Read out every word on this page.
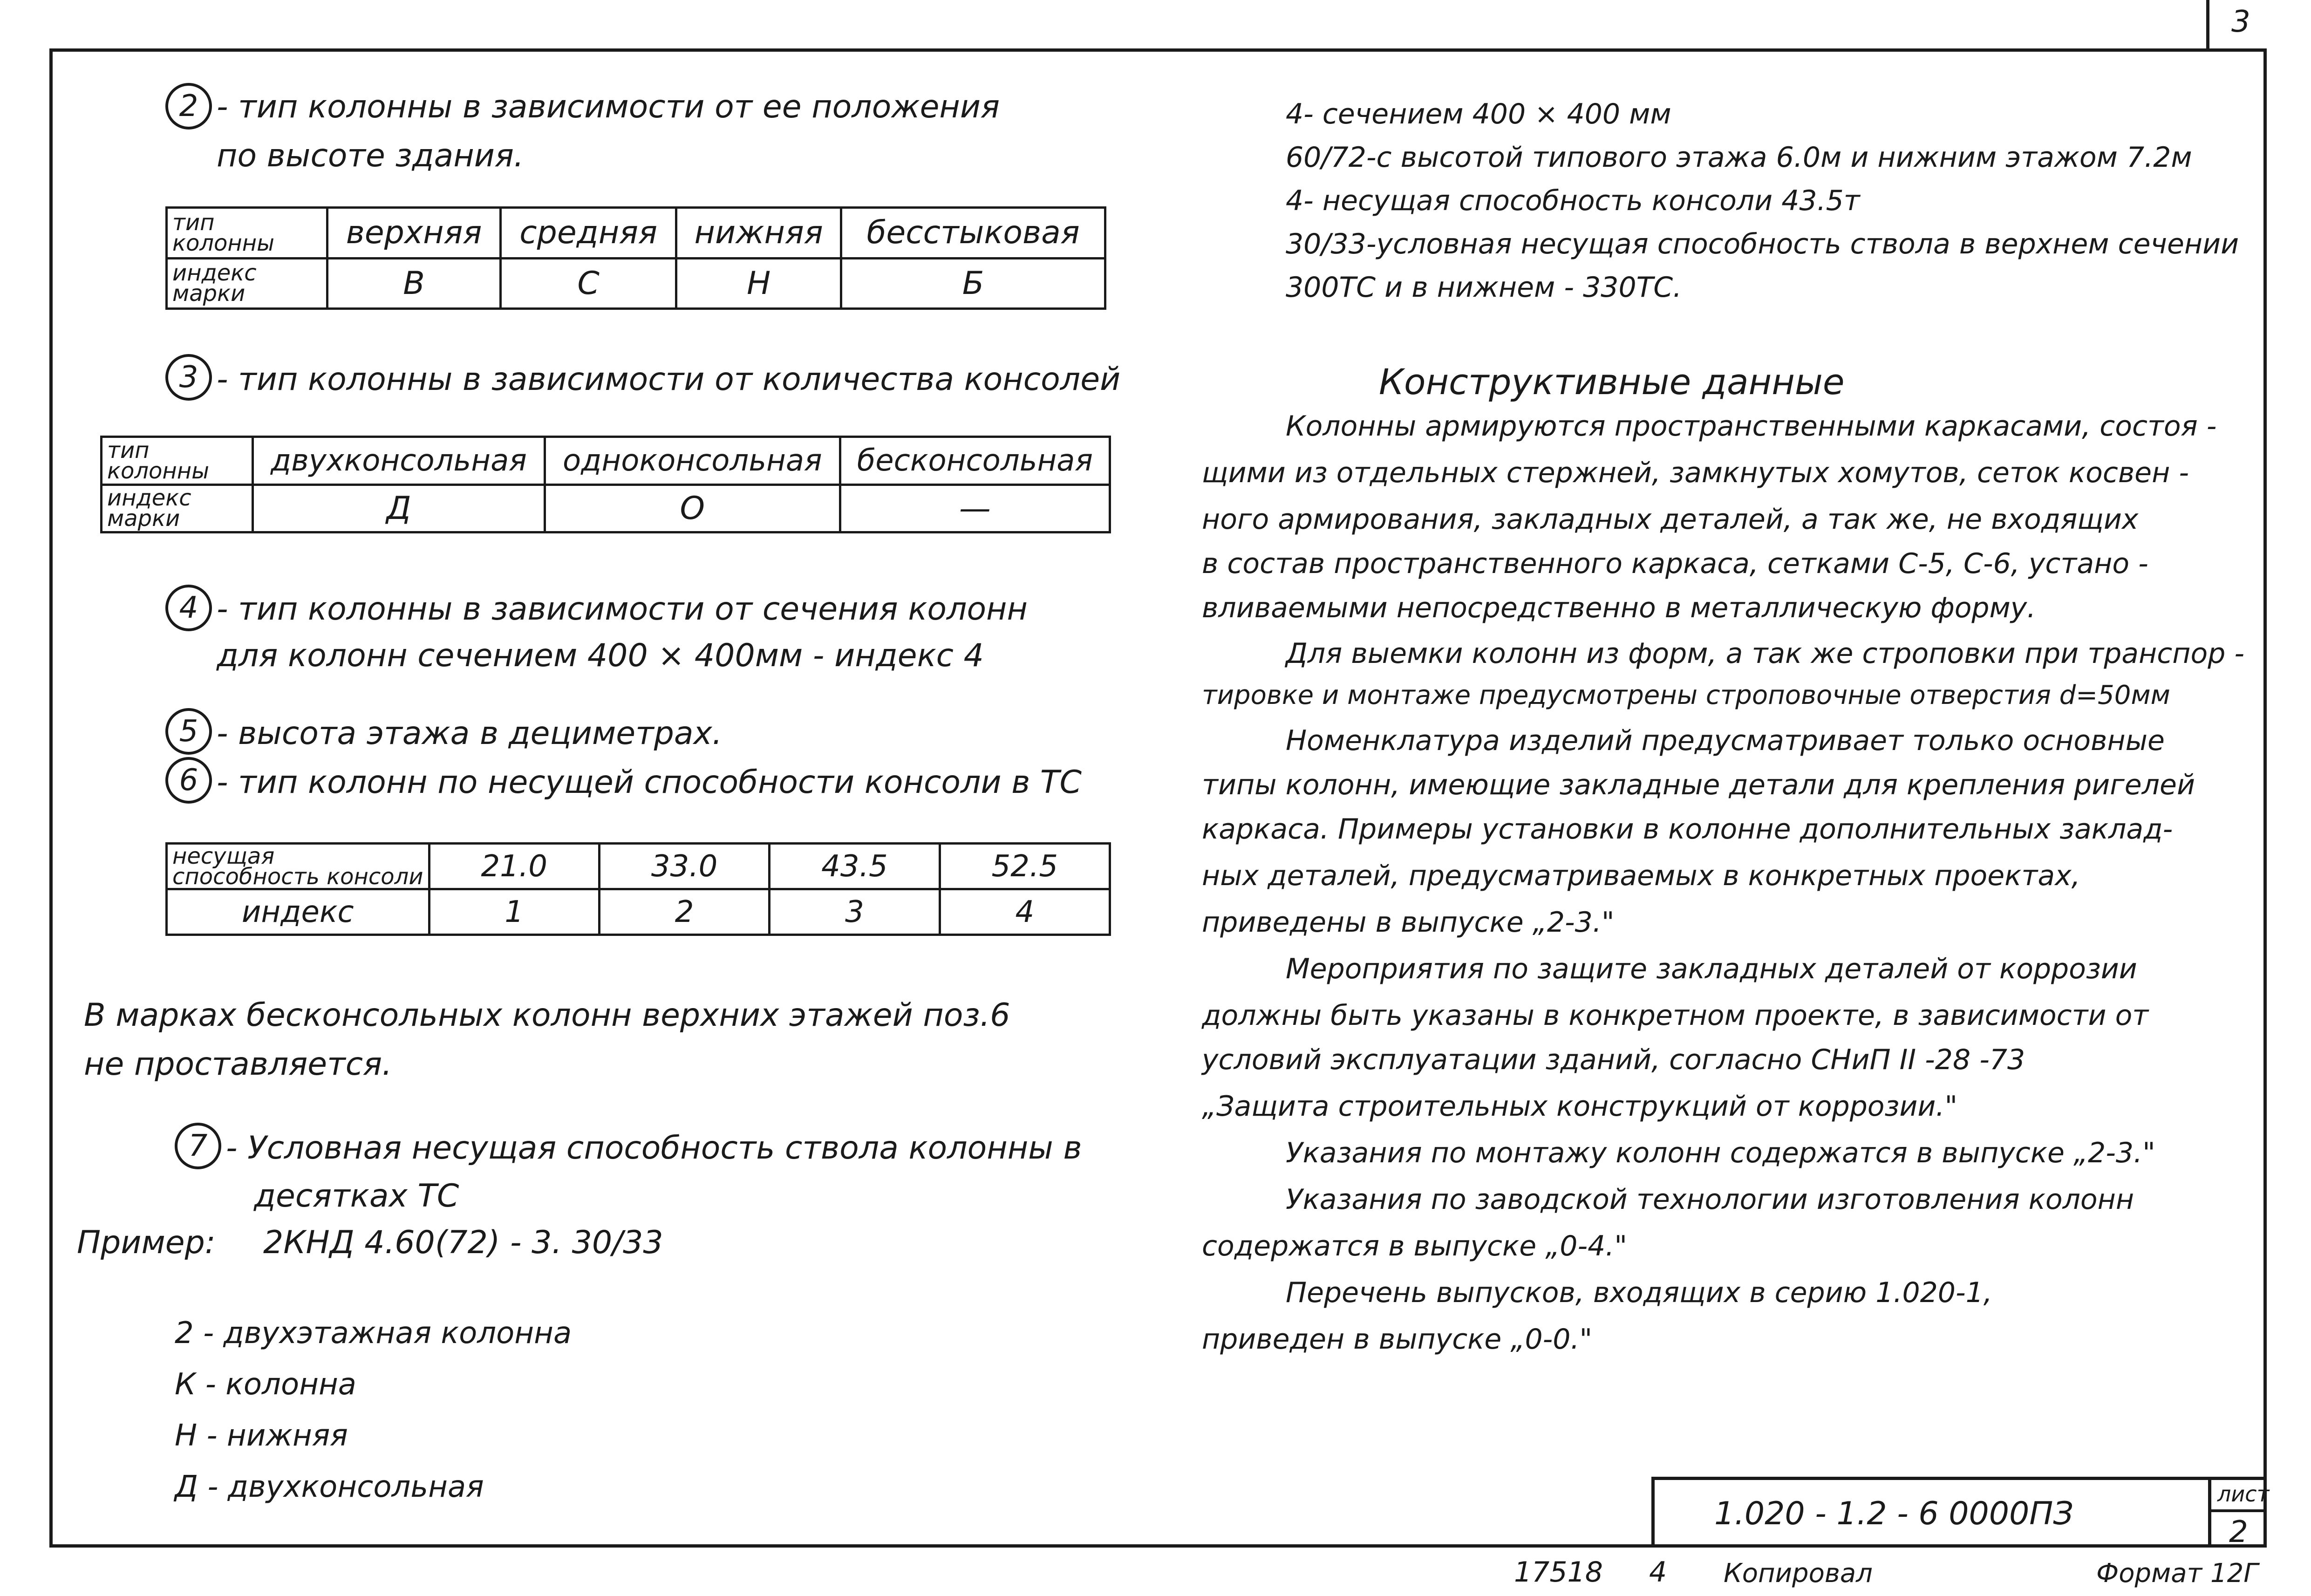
3
2 - тип колонны в зависимости от ее положения
по высоте здания.
тип
колонны	верхняя	средняя	нижняя	бесстыковая

индекс
марки	В	С	Н	Б
3 - тип колонны в зависимости от количества консолей
тип
колонны	двухконсольная	одноконсольная	бесконсольная

индекс
марки	Д	О	—
4 - тип колонны в зависимости от сечения колонн
для колонн сечением 400 × 400мм - индекс 4
5 - высота этажа в дециметрах.
6 - тип колонн по несущей способности консоли в ТС
несущая
способность консоли	21.0	33.0	43.5	52.5
индекс	1	2	3	4
В марках бесконсольных колонн верхних этажей поз.6
не проставляется.
7 - Условная несущая способность ствола колонны в
десятках ТС
Пример: 2КНД 4.60(72) - 3. 30/33
2 - двухэтажная колонна
К - колонна
Н - нижняя
Д - двухконсольная
4- сечением 400 × 400 мм
60/72-с высотой типового этажа 6.0м и нижним этажом 7.2м
4- несущая способность консоли 43.5т
30/33-условная несущая способность ствола в верхнем сечении
300ТС и в нижнем - 330ТС.
Конструктивные данные
Колонны армируются пространственными каркасами, состоя -
щими из отдельных стержней, замкнутых хомутов, сеток косвен -
ного армирования, закладных деталей, а так же, не входящих
в состав пространственного каркаса, сетками С-5, С-6, устано -
вливаемыми непосредственно в металлическую форму.
Для выемки колонн из форм, а так же строповки при транспор -
тировке и монтаже предусмотрены строповочные отверстия d=50мм
Номенклатура изделий предусматривает только основные
типы колонн, имеющие закладные детали для крепления ригелей
каркаса. Примеры установки в колонне дополнительных заклад-
ных деталей, предусматриваемых в конкретных проектах,
приведены в выпуске „2-3."
Мероприятия по защите закладных деталей от коррозии
должны быть указаны в конкретном проекте, в зависимости от
условий эксплуатации зданий, согласно СНиП II -28 -73
„Защита строительных конструкций от коррозии."
Указания по монтажу колонн содержатся в выпуске „2-3."
Указания по заводской технологии изготовления колонн
содержатся в выпуске „0-4."
Перечень выпусков, входящих в серию 1.020-1,
приведен в выпуске „0-0."
1.020 - 1.2 - 6 0000ПЗ
лист
2
17518 4 Копировал	Формат 12Г
